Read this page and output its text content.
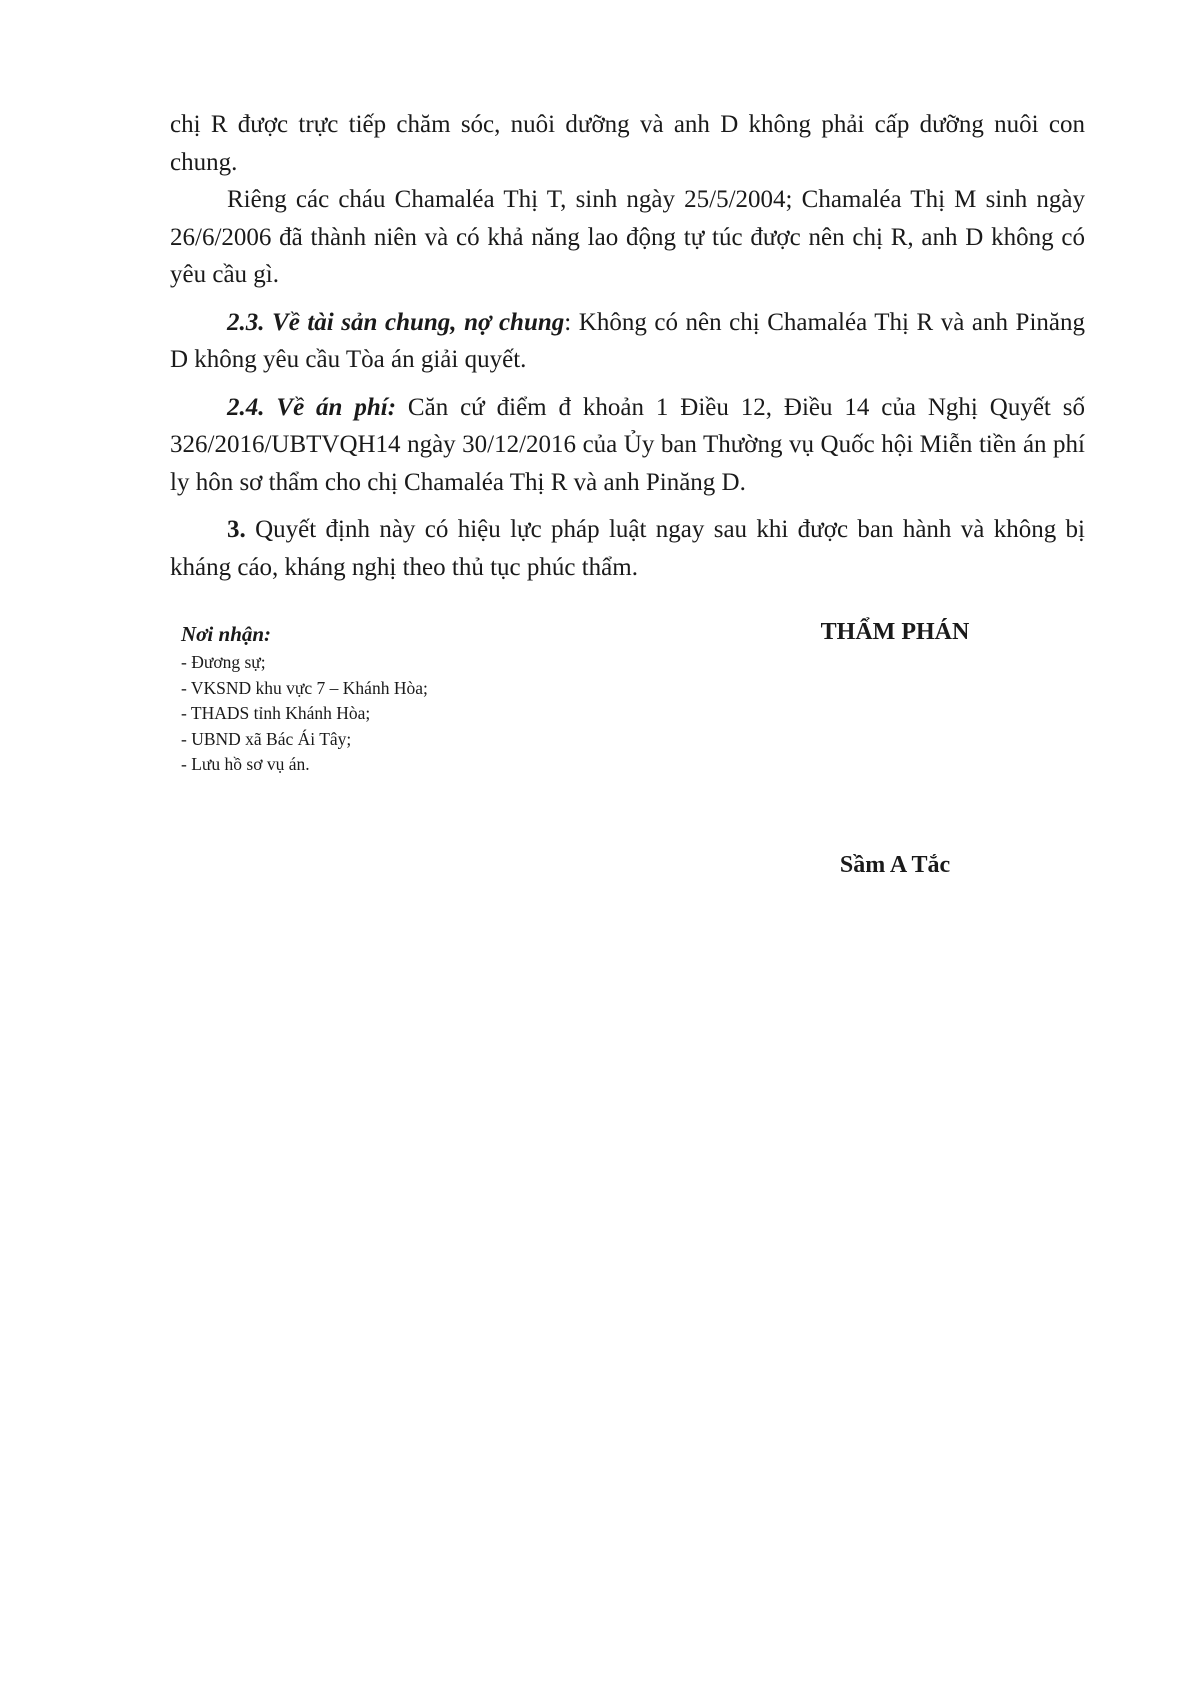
chị R được trực tiếp chăm sóc, nuôi dưỡng và anh D không phải cấp dưỡng nuôi con chung.

Riêng các cháu Chamaléa Thị T, sinh ngày 25/5/2004; Chamaléa Thị M sinh ngày 26/6/2006 đã thành niên và có khả năng lao động tự túc được nên chị R, anh D không có yêu cầu gì.

2.3. Về tài sản chung, nợ chung: Không có nên chị Chamaléa Thị R và anh Pinăng D không yêu cầu Tòa án giải quyết.

2.4. Về án phí: Căn cứ điểm đ khoản 1 Điều 12, Điều 14 của Nghị Quyết số 326/2016/UBTVQH14 ngày 30/12/2016 của Ủy ban Thường vụ Quốc hội Miễn tiền án phí ly hôn sơ thẩm cho chị Chamaléa Thị R và anh Pinăng D.

3. Quyết định này có hiệu lực pháp luật ngay sau khi được ban hành và không bị kháng cáo, kháng nghị theo thủ tục phúc thẩm.

Nơi nhận:
- Đương sự;
- VKSND khu vực 7 – Khánh Hòa;
- THADS tỉnh Khánh Hòa;
- UBND xã Bác Ái Tây;
- Lưu hồ sơ vụ án.
THẨM PHÁN
Sầm A Tắc
